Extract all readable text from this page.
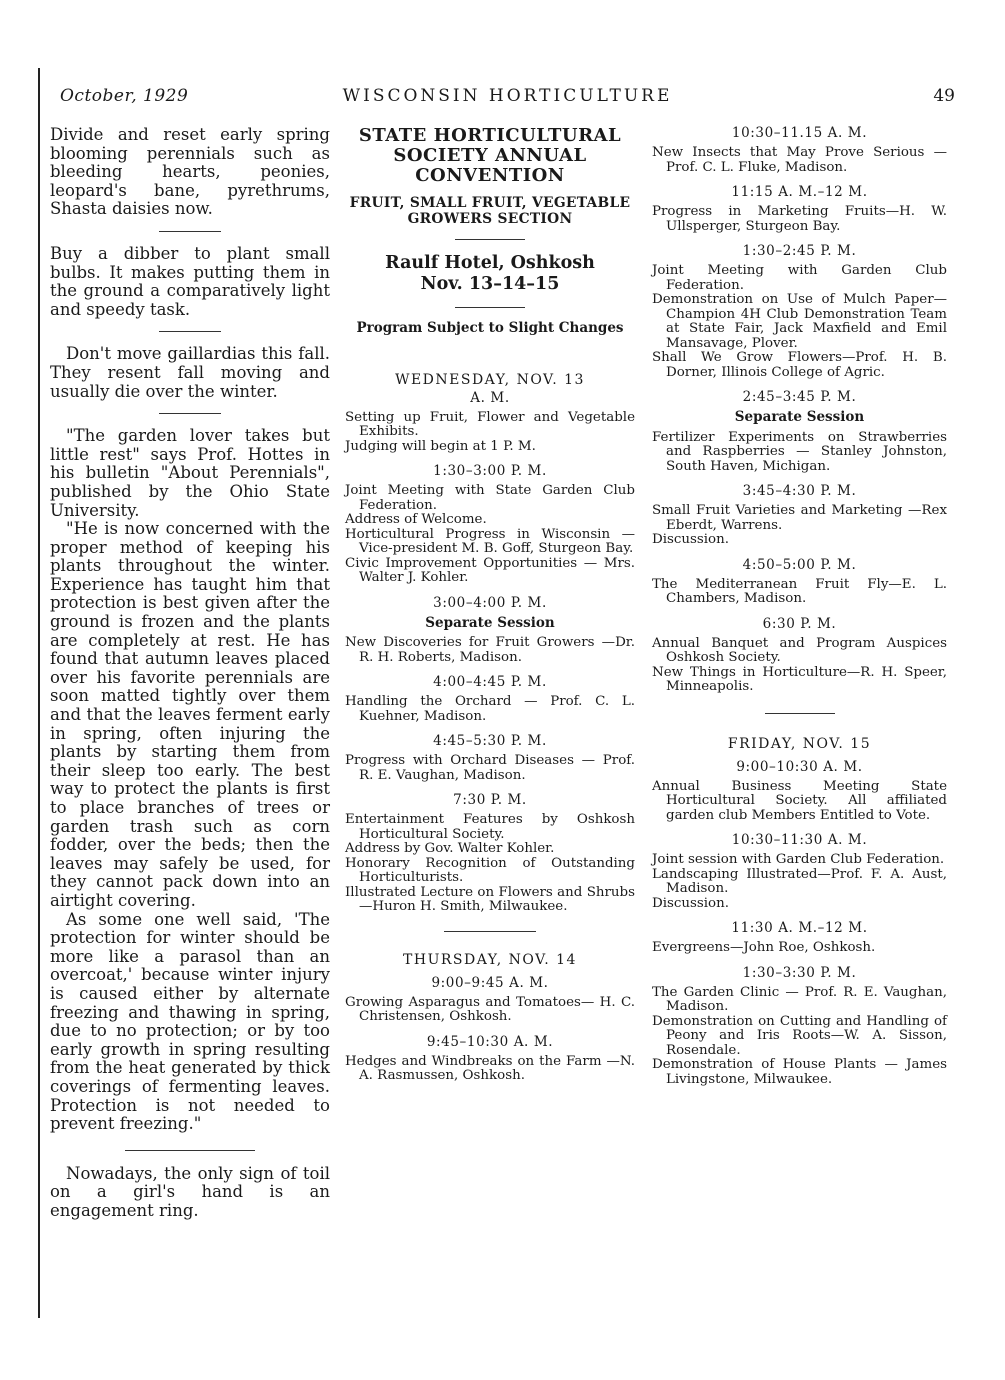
WISCONSIN HORTICULTURE
October, 1929	49

Divide and reset early spring blooming perennials such as bleeding hearts, peonies, leopard's bane, pyrethrums, Shasta daisies now.

Buy a dibber to plant small bulbs. It makes putting them in the ground a comparatively light and speedy task.

Don't move gaillardias this fall. They resent fall moving and usually die over the winter.

"The garden lover takes but little rest" says Prof. Hottes in his bulletin "About Perennials", published by the Ohio State University.

"He is now concerned with the proper method of keeping his plants throughout the winter. Experience has taught him that protection is best given after the ground is frozen and the plants are completely at rest. He has found that autumn leaves placed over his favorite perennials are soon matted tightly over them and that the leaves ferment early in spring, often injuring the plants by starting them from their sleep too early. The best way to protect the plants is first to place branches of trees or garden trash such as corn fodder, over the beds; then the leaves may safely be used, for they cannot pack down into an airtight covering.

As some one well said, 'The protection for winter should be more like a parasol than an overcoat,' because winter injury is caused either by alternate freezing and thawing in spring, due to no protection; or by too early growth in spring resulting from the heat generated by thick coverings of fermenting leaves. Protection is not needed to prevent freezing."

Nowadays, the only sign of toil on a girl's hand is an engagement ring.

STATE HORTICULTURAL SOCIETY ANNUAL CONVENTION
FRUIT, SMALL FRUIT, VEGETABLE GROWERS SECTION
Raulf Hotel, Oshkosh
Nov. 13–14–15
Program Subject to Slight Changes
WEDNESDAY, NOV. 13
A. M.

Setting up Fruit, Flower and Vegetable Exhibits.

Judging will begin at 1 P. M.

1:30–3:00 P. M.

Joint Meeting with State Garden Club Federation.

Address of Welcome.

Horticultural Progress in Wisconsin — Vice-president M. B. Goff, Sturgeon Bay.

Civic Improvement Opportunities — Mrs. Walter J. Kohler.

3:00–4:00 P. M.
Separate Session

New Discoveries for Fruit Growers —Dr. R. H. Roberts, Madison.

4:00–4:45 P. M.

Handling the Orchard — Prof. C. L. Kuehner, Madison.

4:45–5:30 P. M.

Progress with Orchard Diseases — Prof. R. E. Vaughan, Madison.

7:30 P. M.

Entertainment Features by Oshkosh Horticultural Society.

Address by Gov. Walter Kohler.

Honorary Recognition of Outstanding Horticulturists.

Illustrated Lecture on Flowers and Shrubs—Huron H. Smith, Milwaukee.

THURSDAY, NOV. 14
9:00–9:45 A. M.

Growing Asparagus and Tomatoes— H. C. Christensen, Oshkosh.

9:45–10:30 A. M.

Hedges and Windbreaks on the Farm —N. A. Rasmussen, Oshkosh.

10:30–11.15 A. M.

New Insects that May Prove Serious —Prof. C. L. Fluke, Madison.

11:15 A. M.–12 M.

Progress in Marketing Fruits—H. W. Ullsperger, Sturgeon Bay.

1:30–2:45 P. M.

Joint Meeting with Garden Club Federation.

Demonstration on Use of Mulch Paper—Champion 4H Club Demonstration Team at State Fair, Jack Maxfield and Emil Mansavage, Plover.

Shall We Grow Flowers—Prof. H. B. Dorner, Illinois College of Agric.

2:45–3:45 P. M.
Separate Session

Fertilizer Experiments on Strawberries and Raspberries — Stanley Johnston, South Haven, Michigan.

3:45–4:30 P. M.

Small Fruit Varieties and Marketing —Rex Eberdt, Warrens.

Discussion.

4:50–5:00 P. M.

The Mediterranean Fruit Fly—E. L. Chambers, Madison.

6:30 P. M.

Annual Banquet and Program Auspices Oshkosh Society.

New Things in Horticulture—R. H. Speer, Minneapolis.

FRIDAY, NOV. 15
9:00–10:30 A. M.

Annual Business Meeting State Horticultural Society. All affiliated garden club Members Entitled to Vote.

10:30–11:30 A. M.

Joint session with Garden Club Federation.

Landscaping Illustrated—Prof. F. A. Aust, Madison.

Discussion.

11:30 A. M.–12 M.

Evergreens—John Roe, Oshkosh.

1:30–3:30 P. M.

The Garden Clinic — Prof. R. E. Vaughan, Madison.

Demonstration on Cutting and Handling of Peony and Iris Roots—W. A. Sisson, Rosendale.

Demonstration of House Plants — James Livingstone, Milwaukee.
